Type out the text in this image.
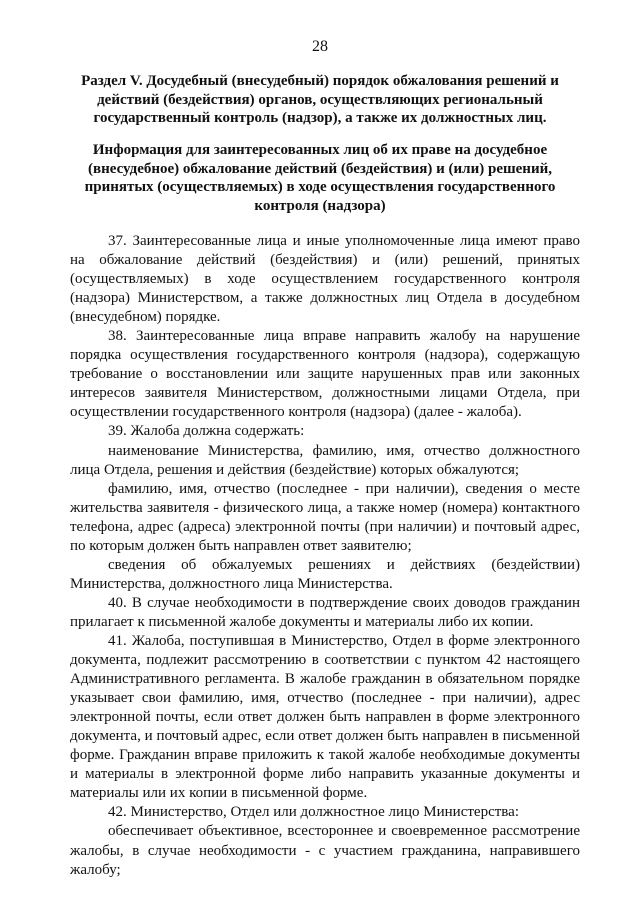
28
Раздел V. Досудебный (внесудебный) порядок обжалования решений и действий (бездействия) органов, осуществляющих региональный государственный контроль (надзор), а также их должностных лиц.
Информация для заинтересованных лиц об их праве на досудебное (внесудебное) обжалование действий (бездействия) и (или) решений, принятых (осуществляемых) в ходе осуществления государственного контроля (надзора)

37. Заинтересованные лица и иные уполномоченные лица имеют право на обжалование действий (бездействия) и (или) решений, принятых (осуществляемых) в ходе осуществлением государственного контроля (надзора) Министерством, а также должностных лиц Отдела в досудебном (внесудебном) порядке.

38. Заинтересованные лица вправе направить жалобу на нарушение порядка осуществления государственного контроля (надзора), содержащую требование о восстановлении или защите нарушенных прав или законных интересов заявителя Министерством, должностными лицами Отдела, при осуществлении государственного контроля (надзора) (далее - жалоба).

39. Жалоба должна содержать:

наименование Министерства, фамилию, имя, отчество должностного лица Отдела, решения и действия (бездействие) которых обжалуются;

фамилию, имя, отчество (последнее - при наличии), сведения о месте жительства заявителя - физического лица, а также номер (номера) контактного телефона, адрес (адреса) электронной почты (при наличии) и почтовый адрес, по которым должен быть направлен ответ заявителю;

сведения об обжалуемых решениях и действиях (бездействии) Министерства, должностного лица Министерства.

40. В случае необходимости в подтверждение своих доводов гражданин прилагает к письменной жалобе документы и материалы либо их копии.

41. Жалоба, поступившая в Министерство, Отдел в форме электронного документа, подлежит рассмотрению в соответствии с пунктом 42 настоящего Административного регламента. В жалобе гражданин в обязательном порядке указывает свои фамилию, имя, отчество (последнее - при наличии), адрес электронной почты, если ответ должен быть направлен в форме электронного документа, и почтовый адрес, если ответ должен быть направлен в письменной форме. Гражданин вправе приложить к такой жалобе необходимые документы и материалы в электронной форме либо направить указанные документы и материалы или их копии в письменной форме.

42. Министерство, Отдел или должностное лицо Министерства:

обеспечивает объективное, всестороннее и своевременное рассмотрение жалобы, в случае необходимости - с участием гражданина, направившего жалобу;
